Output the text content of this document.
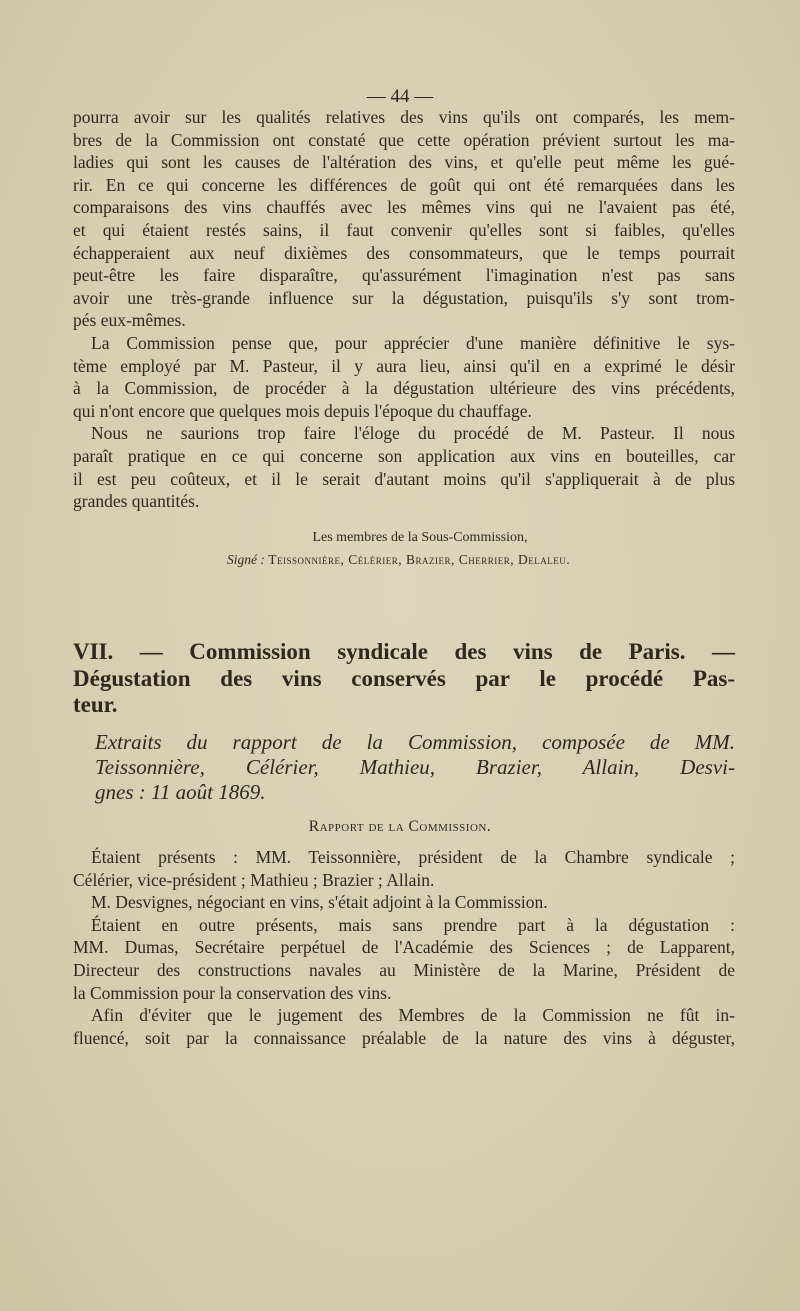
— 44 —
pourra avoir sur les qualités relatives des vins qu'ils ont comparés, les mem-
bres de la Commission ont constaté que cette opération prévient surtout les ma-
ladies qui sont les causes de l'altération des vins, et qu'elle peut même les gué-
rir. En ce qui concerne les différences de goût qui ont été remarquées dans les
comparaisons des vins chauffés avec les mêmes vins qui ne l'avaient pas été,
et qui étaient restés sains, il faut convenir qu'elles sont si faibles, qu'elles
échapperaient aux neuf dixièmes des consommateurs, que le temps pourrait
peut-être les faire disparaître, qu'assurément l'imagination n'est pas sans
avoir une très-grande influence sur la dégustation, puisqu'ils s'y sont trom-
pés eux-mêmes.
La Commission pense que, pour apprécier d'une manière définitive le sys-
tème employé par M. Pasteur, il y aura lieu, ainsi qu'il en a exprimé le désir
à la Commission, de procéder à la dégustation ultérieure des vins précédents,
qui n'ont encore que quelques mois depuis l'époque du chauffage.
Nous ne saurions trop faire l'éloge du procédé de M. Pasteur. Il nous
paraît pratique en ce qui concerne son application aux vins en bouteilles, car
il est peu coûteux, et il le serait d'autant moins qu'il s'appliquerait à de plus
grandes quantités.
Les membres de la Sous-Commission,
Signé : Teissonnière, Célérier, Brazier, Cherrier, Delaleu.
VII. — Commission syndicale des vins de Paris. —
Dégustation des vins conservés par le procédé Pas-
teur.
Extraits du rapport de la Commission, composée de MM.
Teissonnière, Célérier, Mathieu, Brazier, Allain, Desvi-
gnes : 11 août 1869.
Rapport de la Commission.
Étaient présents : MM. Teissonnière, président de la Chambre syndicale ;
Célérier, vice-président ; Mathieu ; Brazier ; Allain.
M. Desvignes, négociant en vins, s'était adjoint à la Commission.
Étaient en outre présents, mais sans prendre part à la dégustation :
MM. Dumas, Secrétaire perpétuel de l'Académie des Sciences ; de Lapparent,
Directeur des constructions navales au Ministère de la Marine, Président de
la Commission pour la conservation des vins.
Afin d'éviter que le jugement des Membres de la Commission ne fût in-
fluencé, soit par la connaissance préalable de la nature des vins à déguster,
